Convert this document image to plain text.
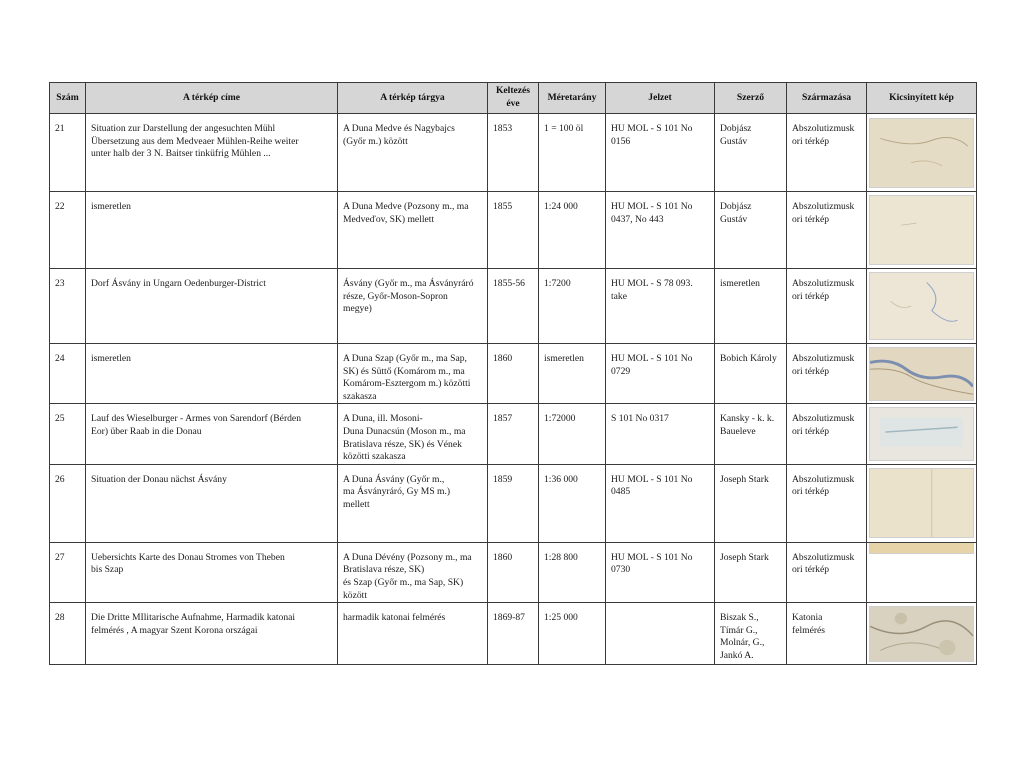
Szám	A térkép címe	A térkép tárgya	Keltezés
éve	Méretarány	Jelzet	Szerző	Származása	Kicsinyített kép
21	Situation zur Darstellung der angesuchten Mühl
Übersetzung aus dem Medveaer Mühlen-Reihe weiter
unter halb der 3 N. Baitser tinküfrig Mühlen ...	A Duna Medve és Nagybajcs
(Győr m.) között	1853	1 = 100 öl	HU MOL - S 101 No
0156	Dobjász
Gustáv	Abszolutizmusk
ori térkép	

22	ismeretlen	A Duna Medve (Pozsony m., ma
Medveďov, SK) mellett	1855	1:24 000	HU MOL - S 101 No
0437, No 443	Dobjász
Gustáv	Abszolutizmusk
ori térkép	

23	Dorf Ásvány in Ungarn Oedenburger-District	Ásvány (Győr m., ma Ásványráró
része, Győr-Moson-Sopron
megye)	1855-56	1:7200	HU MOL - S 78 093.
take	ismeretlen	Abszolutizmusk
ori térkép	

24	ismeretlen	A Duna Szap (Győr m., ma Sap,
SK) és Süttő (Komárom m., ma
Komárom-Esztergom m.) közötti
szakasza	1860	ismeretlen	HU MOL - S 101 No
0729	Bobich Károly	Abszolutizmusk
ori térkép	

25	Lauf des Wieselburger - Armes von Sarendorf (Bérden
Eor) über Raab in die Donau	A Duna, ill. Mosoni-
Duna Dunacsún (Moson m., ma
Bratislava része, SK) és Vének
közötti szakasza	1857	1:72000	S 101 No 0317	Kansky - k. k.
Baueleve	Abszolutizmusk
ori térkép	

26	Situation der Donau nächst Ásvány	A Duna Ásvány (Győr m.,
ma Ásványráró, Gy MS m.)
mellett	1859	1:36 000	HU MOL - S 101 No
0485	Joseph Stark	Abszolutizmusk
ori térkép	

27	Uebersichts Karte des Donau Stromes von Theben
bis Szap	A Duna Dévény (Pozsony m., ma
Bratislava része, SK)
és Szap (Győr m., ma Sap, SK)
között	1860	1:28 800	HU MOL - S 101 No
0730	Joseph Stark	Abszolutizmusk
ori térkép	

28	Die Dritte MIlitarische Aufnahme, Harmadik katonai
felmérés , A magyar Szent Korona országai	harmadik katonai felmérés	1869-87	1:25 000		Biszak S.,
Tímár G.,
Molnár, G.,
Jankó A.	Katonia
felmérés	
